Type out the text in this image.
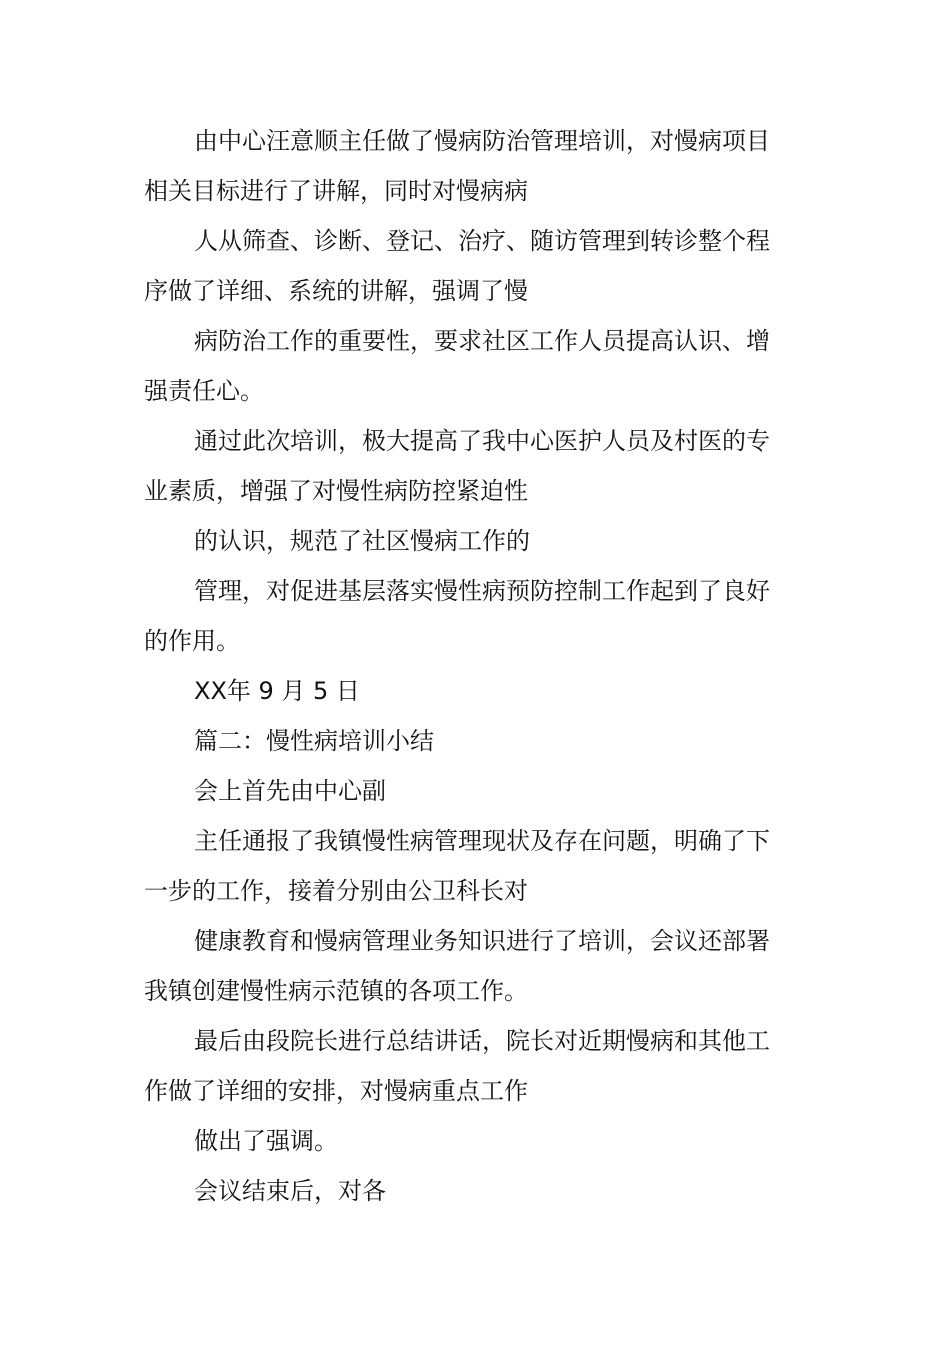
由中心汪意顺主任做了慢病防治管理培训，对慢病项目
相关目标进行了讲解，同时对慢病病
人从筛查、诊断、登记、治疗、随访管理到转诊整个程
序做了详细、系统的讲解，强调了慢
病防治工作的重要性，要求社区工作人员提高认识、增
强责任心。
通过此次培训，极大提高了我中心医护人员及村医的专
业素质，增强了对慢性病防控紧迫性
的认识，规范了社区慢病工作的
管理，对促进基层落实慢性病预防控制工作起到了良好
的作用。
XX年 9 月 5 日
篇二：慢性病培训小结
会上首先由中心副
主任通报了我镇慢性病管理现状及存在问题，明确了下
一步的工作，接着分别由公卫科长对
健康教育和慢病管理业务知识进行了培训，会议还部署
我镇创建慢性病示范镇的各项工作。
最后由段院长进行总结讲话，院长对近期慢病和其他工
作做了详细的安排，对慢病重点工作
做出了强调。
会议结束后，对各
